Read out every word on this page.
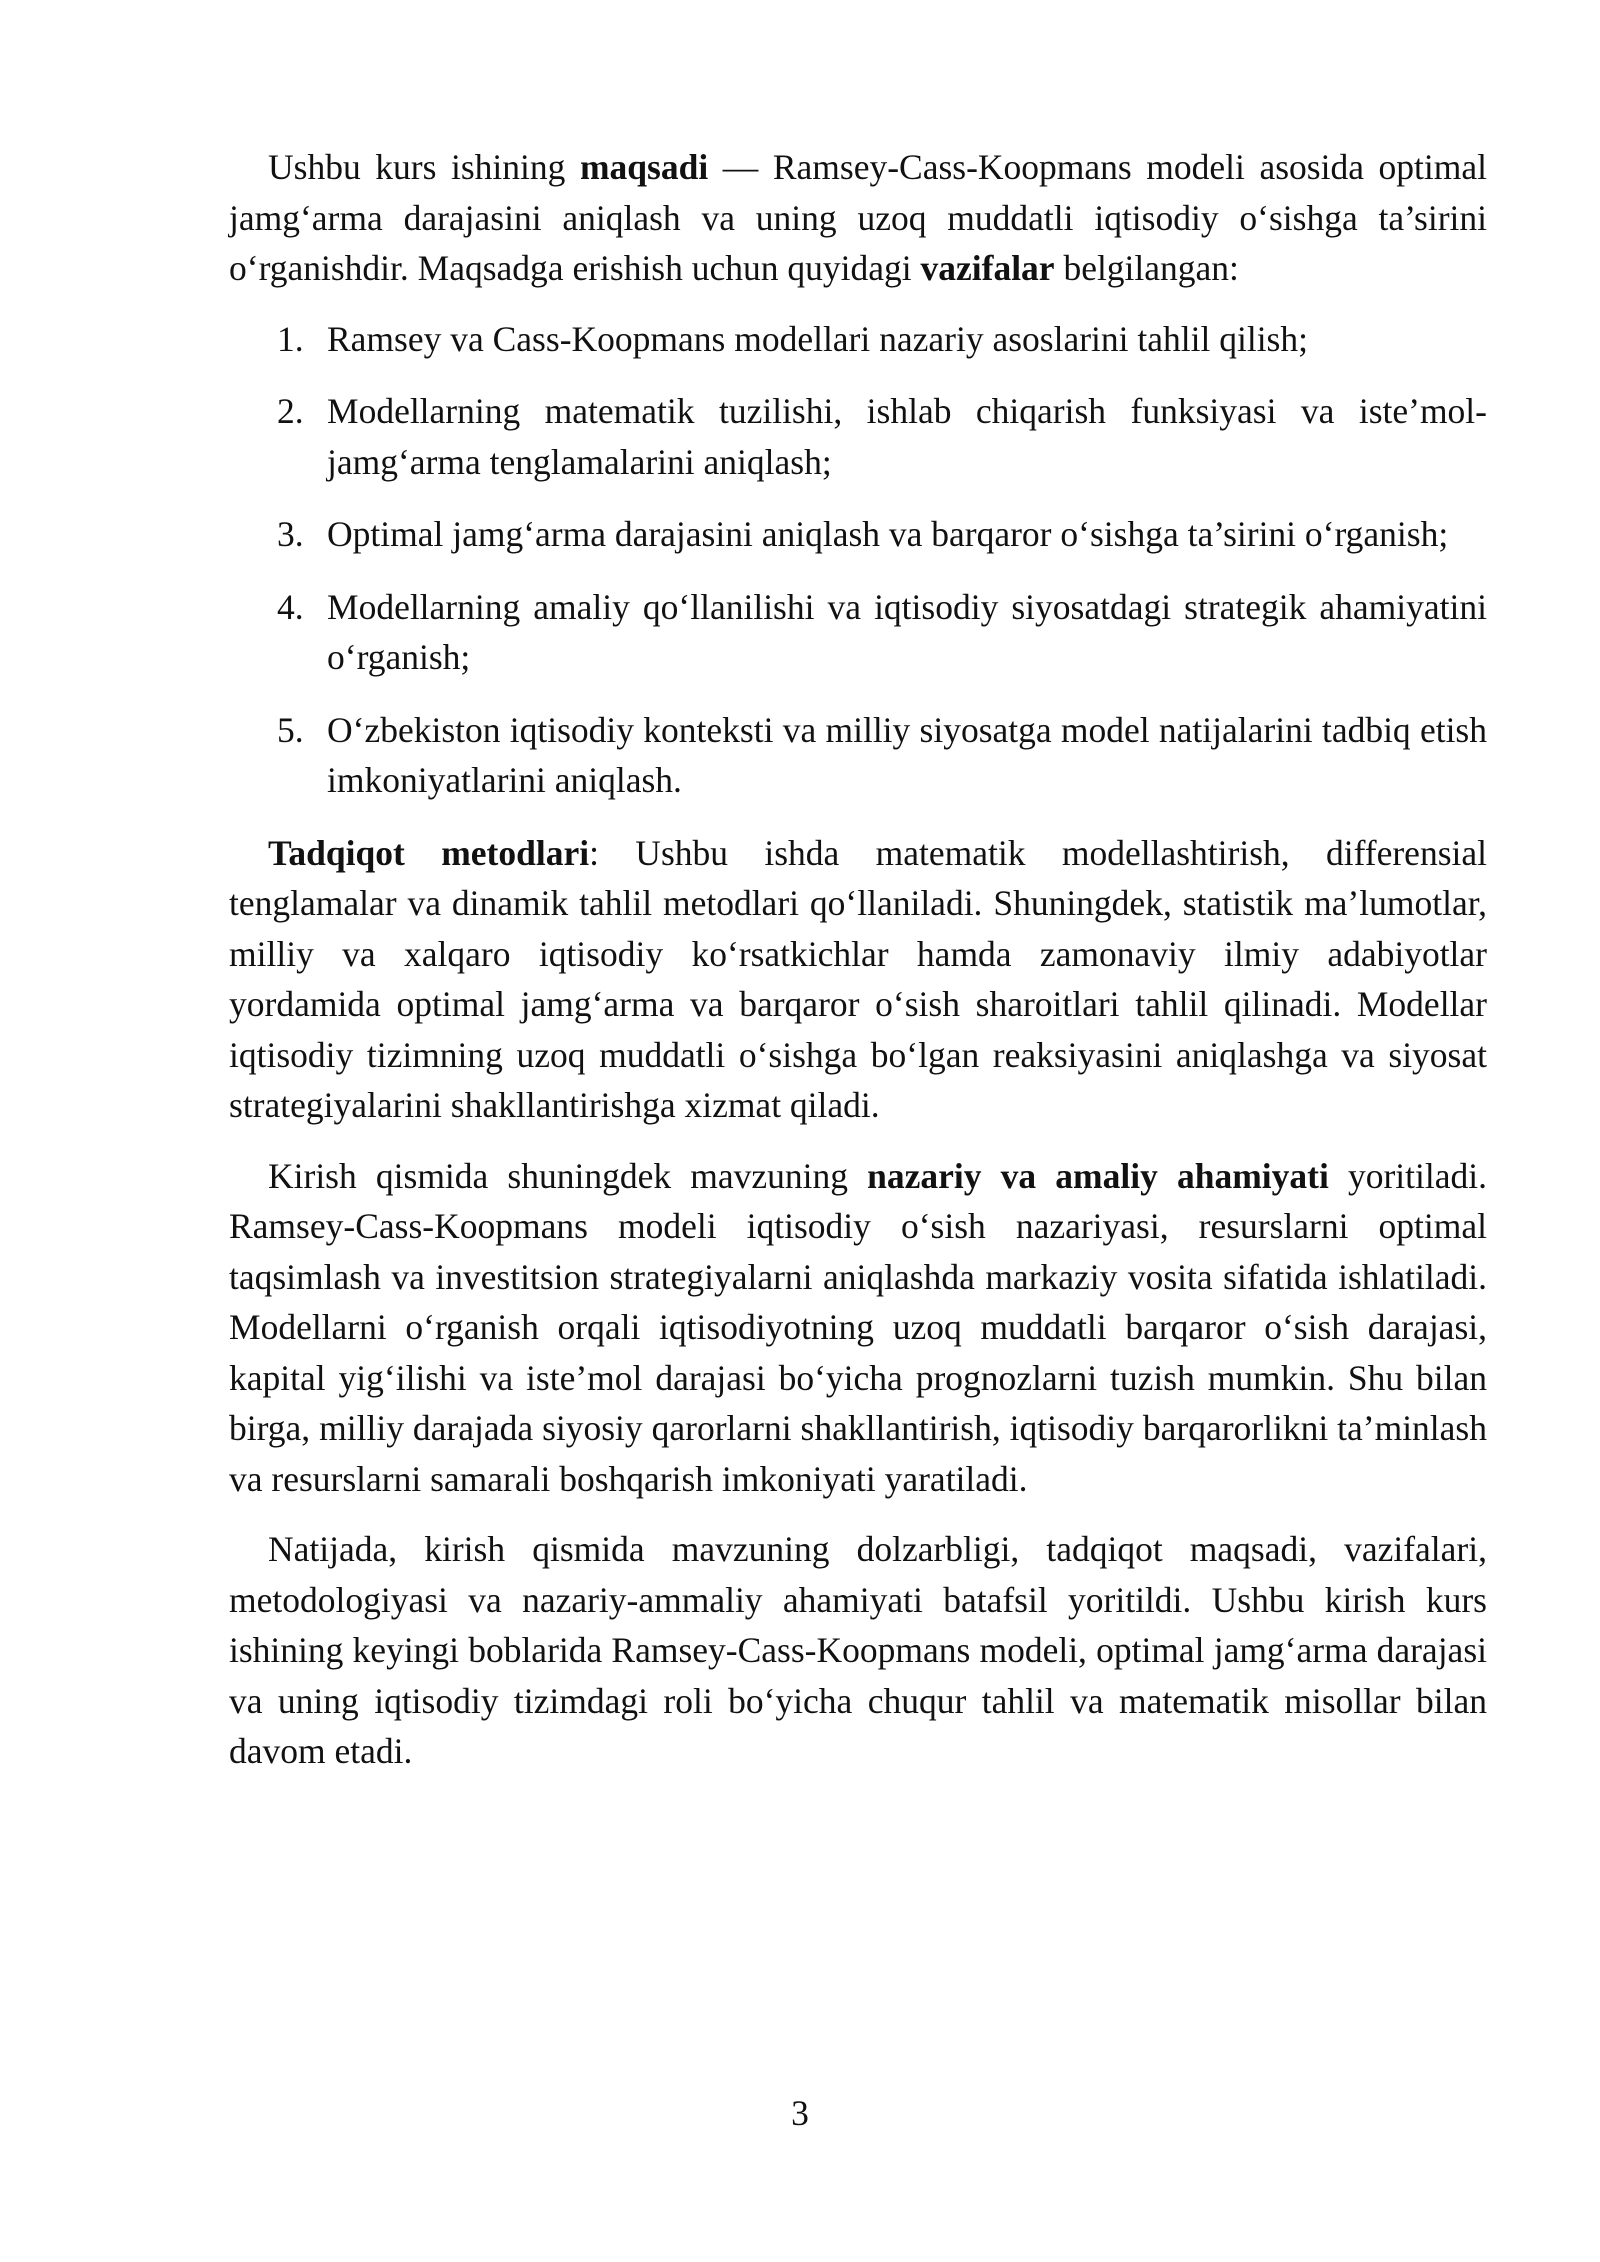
Ushbu kurs ishining maqsadi — Ramsey-Cass-Koopmans modeli asosida optimal jamg‘arma darajasini aniqlash va uning uzoq muddatli iqtisodiy o‘sishga ta’sirini o‘rganishdir. Maqsadga erishish uchun quyidagi vazifalar belgilangan:

1. Ramsey va Cass-Koopmans modellari nazariy asoslarini tahlil qilish;
2. Modellarning matematik tuzilishi, ishlab chiqarish funksiyasi va iste’mol-jamg‘arma tenglamalarini aniqlash;
3. Optimal jamg‘arma darajasini aniqlash va barqaror o‘sishga ta’sirini o‘rganish;
4. Modellarning amaliy qo‘llanilishi va iqtisodiy siyosatdagi strategik ahamiyatini o‘rganish;
5. O‘zbekiston iqtisodiy konteksti va milliy siyosatga model natijalarini tadbiq etish imkoniyatlarini aniqlash.

Tadqiqot metodlari: Ushbu ishda matematik modellashtirish, differensial tenglamalar va dinamik tahlil metodlari qo‘llaniladi. Shuningdek, statistik ma’lumotlar, milliy va xalqaro iqtisodiy ko‘rsatkichlar hamda zamonaviy ilmiy adabiyotlar yordamida optimal jamg‘arma va barqaror o‘sish sharoitlari tahlil qilinadi. Modellar iqtisodiy tizimning uzoq muddatli o‘sishga bo‘lgan reaksiyasini aniqlashga va siyosat strategiyalarini shakllantirishga xizmat qiladi.

Kirish qismida shuningdek mavzuning nazariy va amaliy ahamiyati yoritiladi. Ramsey-Cass-Koopmans modeli iqtisodiy o‘sish nazariyasi, resurslarni optimal taqsimlash va investitsion strategiyalarni aniqlashda markaziy vosita sifatida ishlatiladi. Modellarni o‘rganish orqali iqtisodiyotning uzoq muddatli barqaror o‘sish darajasi, kapital yig‘ilishi va iste’mol darajasi bo‘yicha prognozlarni tuzish mumkin. Shu bilan birga, milliy darajada siyosiy qarorlarni shakllantirish, iqtisodiy barqarorlikni ta’minlash va resurslarni samarali boshqarish imkoniyati yaratiladi.

Natijada, kirish qismida mavzuning dolzarbligi, tadqiqot maqsadi, vazifalari, metodologiyasi va nazariy-ammaliy ahamiyati batafsil yoritildi. Ushbu kirish kurs ishining keyingi boblarida Ramsey-Cass-Koopmans modeli, optimal jamg‘arma darajasi va uning iqtisodiy tizimdagi roli bo‘yicha chuqur tahlil va matematik misollar bilan davom etadi.

3
